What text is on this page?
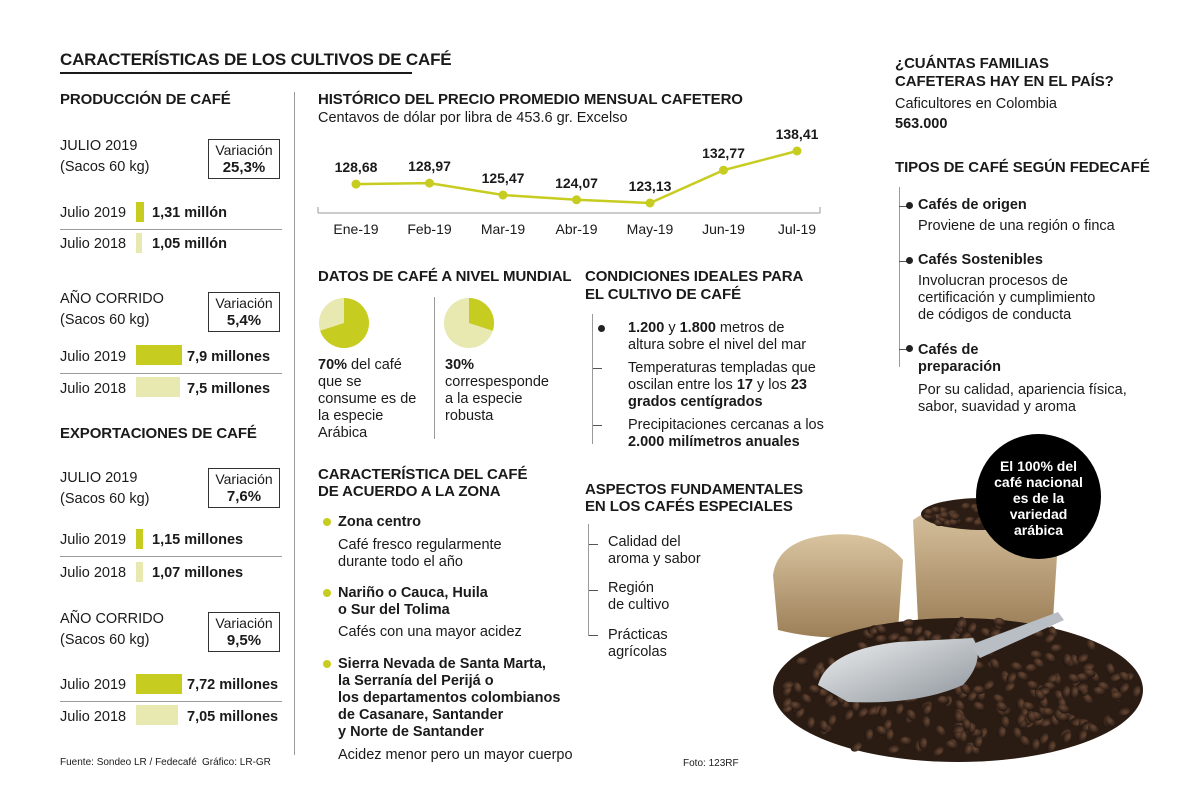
CARACTERÍSTICAS DE LOS CULTIVOS DE CAFÉ
PRODUCCIÓN DE CAFÉ
JULIO 2019
(Sacos 60 kg)
Variación
25,3%
Julio 2019 1,31 millón
Julio 2018 1,05 millón
AÑO CORRIDO
(Sacos 60 kg)
Variación
5,4%
Julio 2019	7,9 millones
Julio 2018	7,5 millones
EXPORTACIONES DE CAFÉ
JULIO 2019
(Sacos 60 kg)
Variación
7,6%
Julio 2019 1,15 millones
Julio 2018 1,07 millones
AÑO CORRIDO
(Sacos 60 kg)
Variación
9,5%
Julio 2019	7,72 millones
Julio 2018	7,05 millones
Fuente: Sondeo LR / Fedecafé Gráfico: LR-GR
HISTÓRICO DEL PRECIO PROMEDIO MENSUAL CAFETERO
Centavos de dólar por libra de 453.6 gr. Excelso
128,68
Ene-19
128,97
Feb-19
125,47
Mar-19
124,07
Abr-19
123,13
May-19
132,77
Jun-19
138,41
Jul-19
DATOS DE CAFÉ A NIVEL MUNDIAL
70% del café
que se
consume es de
la especie
Arábica
30%
correspesponde
a la especie
robusta
CONDICIONES IDEALES PARA
EL CULTIVO DE CAFÉ
1.200 y 1.800 metros de
altura sobre el nivel del mar
Temperaturas templadas que
oscilan entre los 17 y los 23
grados centígrados
Precipitaciones cercanas a los
2.000 milímetros anuales
CARACTERÍSTICA DEL CAFÉ
DE ACUERDO A LA ZONA
Zona centro
Café fresco regularmente
durante todo el año
Nariño o Cauca, Huila
o Sur del Tolima
Cafés con una mayor acidez
Sierra Nevada de Santa Marta,
la Serranía del Perijá o
los departamentos colombianos
de Casanare, Santander
y Norte de Santander
Acidez menor pero un mayor cuerpo
ASPECTOS FUNDAMENTALES
EN LOS CAFÉS ESPECIALES
Calidad del
aroma y sabor
Región
de cultivo
Prácticas
agrícolas
Foto: 123RF
¿CUÁNTAS FAMILIAS
CAFETERAS HAY EN EL PAÍS?
Caficultores en Colombia
563.000
TIPOS DE CAFÉ SEGÚN FEDECAFÉ
Cafés de origen
Proviene de una región o finca
Cafés Sostenibles
Involucran procesos de
certificación y cumplimiento
de códigos de conducta
Cafés de
preparación
Por su calidad, apariencia física,
sabor, suavidad y aroma
El 100% del
café nacional
es de la
variedad
arábica
